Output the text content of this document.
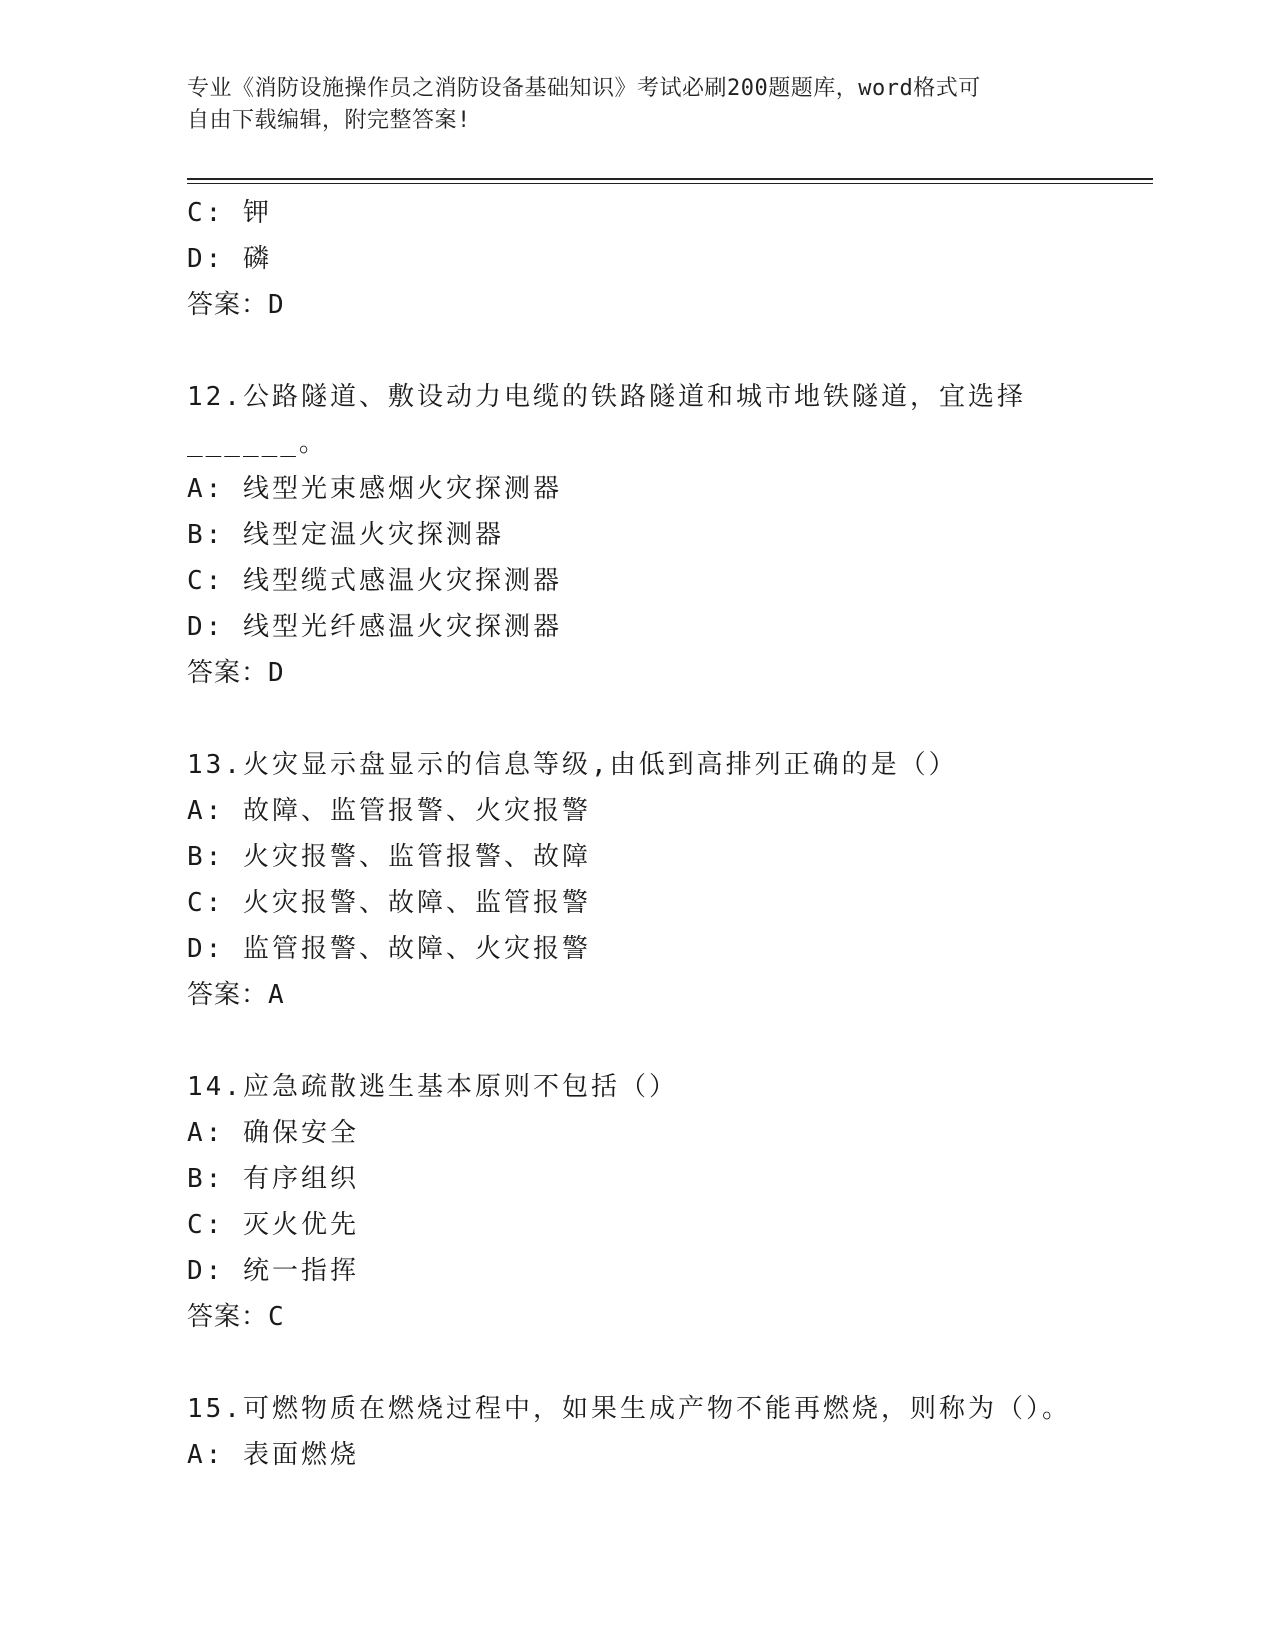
专业《消防设施操作员之消防设备基础知识》考试必刷200题题库，word格式可
自由下载编辑，附完整答案!
C: 钾
D: 磷
答案：D
12.公路隧道、敷设动力电缆的铁路隧道和城市地铁隧道，宜选择
______。
A: 线型光束感烟火灾探测器
B: 线型定温火灾探测器
C: 线型缆式感温火灾探测器
D: 线型光纤感温火灾探测器
答案：D
13.火灾显示盘显示的信息等级,由低到高排列正确的是（）
A: 故障、监管报警、火灾报警
B: 火灾报警、监管报警、故障
C: 火灾报警、故障、监管报警
D: 监管报警、故障、火灾报警
答案：A
14.应急疏散逃生基本原则不包括（）
A: 确保安全
B: 有序组织
C: 灭火优先
D: 统一指挥
答案：C
15.可燃物质在燃烧过程中，如果生成产物不能再燃烧，则称为（）。
A: 表面燃烧
